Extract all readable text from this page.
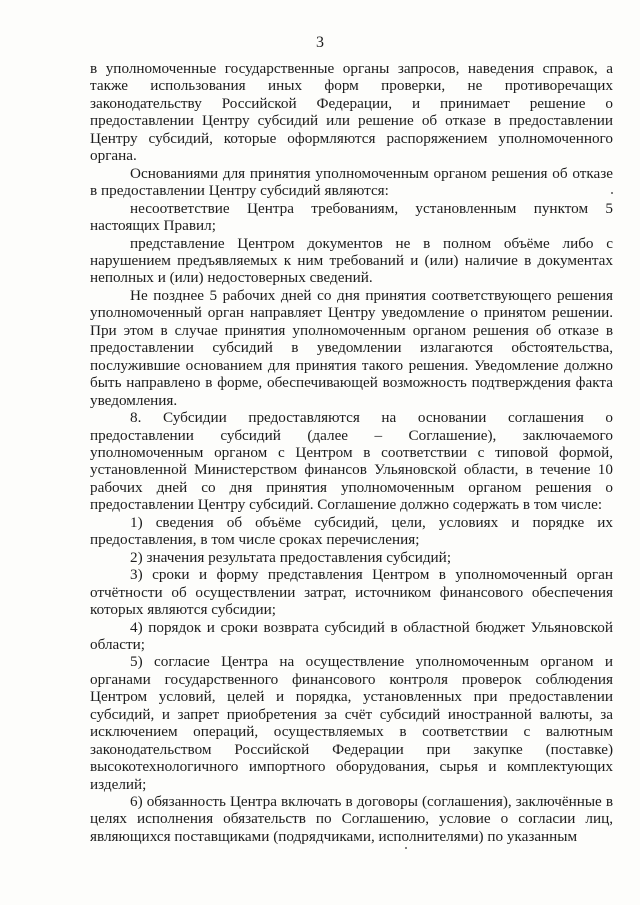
3

в уполномоченные государственные органы запросов, наведения справок, а также использования иных форм проверки, не противоречащих законодательству Российской Федерации, и принимает решение о предоставлении Центру субсидий или решение об отказе в предоставлении Центру субсидий, которые оформляются распоряжением уполномоченного органа.

Основаниями для принятия уполномоченным органом решения об отказе в предоставлении Центру субсидий являются:

несоответствие Центра требованиям, установленным пунктом 5 настоящих Правил;

представление Центром документов не в полном объёме либо с нарушением предъявляемых к ним требований и (или) наличие в документах неполных и (или) недостоверных сведений.

Не позднее 5 рабочих дней со дня принятия соответствующего решения уполномоченный орган направляет Центру уведомление о принятом решении. При этом в случае принятия уполномоченным органом решения об отказе в предоставлении субсидий в уведомлении излагаются обстоятельства, послужившие основанием для принятия такого решения. Уведомление должно быть направлено в форме, обеспечивающей возможность подтверждения факта уведомления.

8. Субсидии предоставляются на основании соглашения о предоставлении субсидий (далее – Соглашение), заключаемого уполномоченным органом с Центром в соответствии с типовой формой, установленной Министерством финансов Ульяновской области, в течение 10 рабочих дней со дня принятия уполномоченным органом решения о предоставлении Центру субсидий. Соглашение должно содержать в том числе:

1) сведения об объёме субсидий, цели, условиях и порядке их предоставления, в том числе сроках перечисления;

2) значения результата предоставления субсидий;

3) сроки и форму представления Центром в уполномоченный орган отчётности об осуществлении затрат, источником финансового обеспечения которых являются субсидии;

4) порядок и сроки возврата субсидий в областной бюджет Ульяновской области;

5) согласие Центра на осуществление уполномоченным органом и органами государственного финансового контроля проверок соблюдения Центром условий, целей и порядка, установленных при предоставлении субсидий, и запрет приобретения за счёт субсидий иностранной валюты, за исключением операций, осуществляемых в соответствии с валютным законодательством Российской Федерации при закупке (поставке) высокотехнологичного импортного оборудования, сырья и комплектующих изделий;

6) обязанность Центра включать в договоры (соглашения), заключённые в целях исполнения обязательств по Соглашению, условие о согласии лиц, являющихся поставщиками (подрядчиками, исполнителями) по указанным
